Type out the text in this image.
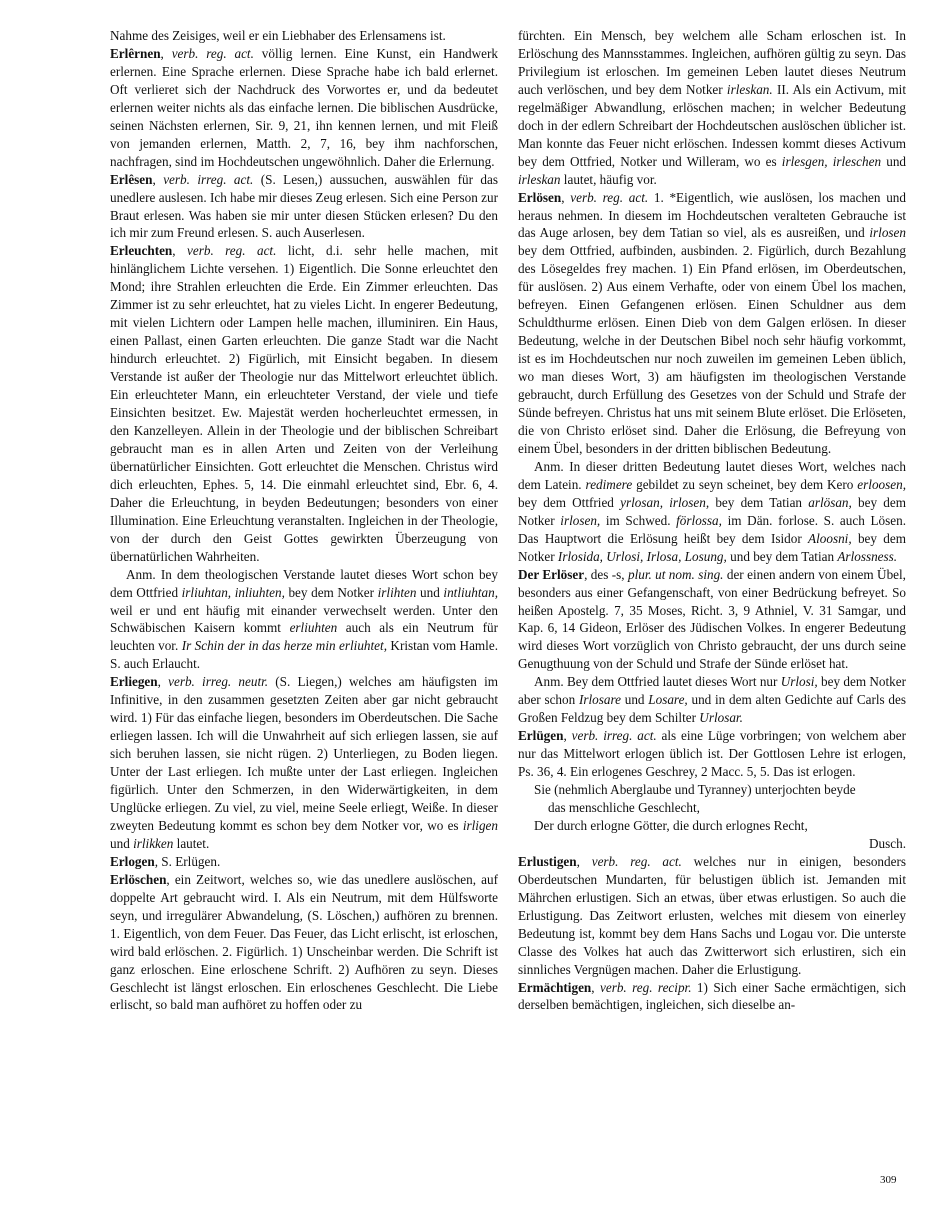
Nahme des Zeisiges, weil er ein Liebhaber des Erlensamens ist.

Erlêrnen, verb. reg. act. völlig lernen. Eine Kunst, ein Handwerk erlernen. Eine Sprache erlernen. Diese Sprache habe ich bald erlernet. Oft verlieret sich der Nachdruck des Vorwortes er, und da bedeutet erlernen weiter nichts als das einfache lernen. Die biblischen Ausdrücke, seinen Nächsten erlernen, Sir. 9, 21, ihn kennen lernen, und mit Fleiß von jemanden erlernen, Matth. 2, 7, 16, bey ihm nachforschen, nachfragen, sind im Hochdeutschen ungewöhnlich. Daher die Erlernung.

Erlêsen, verb. irreg. act. (S. Lesen,) aussuchen, auswählen für das unedlere auslesen. Ich habe mir dieses Zeug erlesen. Sich eine Person zur Braut erlesen. Was haben sie mir unter diesen Stücken erlesen? Du den ich mir zum Freund erlesen. S. auch Auserlesen.

Erleuchten, verb. reg. act. licht, d.i. sehr helle machen, mit hinlänglichem Lichte versehen. 1) Eigentlich. Die Sonne erleuchtet den Mond; ihre Strahlen erleuchten die Erde. Ein Zimmer erleuchten. Das Zimmer ist zu sehr erleuchtet, hat zu vieles Licht. In engerer Bedeutung, mit vielen Lichtern oder Lampen helle machen, illuminiren. Ein Haus, einen Pallast, einen Garten erleuchten. Die ganze Stadt war die Nacht hindurch erleuchtet. 2) Figürlich, mit Einsicht begaben. In diesem Verstande ist außer der Theologie nur das Mittelwort erleuchtet üblich. Ein erleuchteter Mann, ein erleuchteter Verstand, der viele und tiefe Einsichten besitzet. Ew. Majestät werden hocherleuchtet ermessen, in den Kanzelleyen. Allein in der Theologie und der biblischen Schreibart gebraucht man es in allen Arten und Zeiten von der Verleihung übernatürlicher Einsichten. Gott erleuchtet die Menschen. Christus wird dich erleuchten, Ephes. 5, 14. Die einmahl erleuchtet sind, Ebr. 6, 4. Daher die Erleuchtung, in beyden Bedeutungen; besonders von einer Illumination. Eine Erleuchtung veranstalten. Ingleichen in der Theologie, von der durch den Geist Gottes gewirkten Überzeugung von übernatürlichen Wahrheiten.

Anm. In dem theologischen Verstande lautet dieses Wort schon bey dem Ottfried irliuhtan, inliuhten, bey dem Notker irlihten und intliuhtan, weil er und ent häufig mit einander verwechselt werden. Unter den Schwäbischen Kaisern kommt erliuhten auch als ein Neutrum für leuchten vor. Ir Schin der in das herze min erliuhtet, Kristan vom Hamle. S. auch Erlaucht.

Erliegen, verb. irreg. neutr. (S. Liegen,) welches am häufigsten im Infinitive, in den zusammen gesetzten Zeiten aber gar nicht gebraucht wird. 1) Für das einfache liegen, besonders im Oberdeutschen. Die Sache erliegen lassen. Ich will die Unwahrheit auf sich erliegen lassen, sie auf sich beruhen lassen, sie nicht rügen. 2) Unterliegen, zu Boden liegen. Unter der Last erliegen. Ich mußte unter der Last erliegen. Ingleichen figürlich. Unter den Schmerzen, in den Widerwärtigkeiten, in dem Unglücke erliegen. Zu viel, zu viel, meine Seele erliegt, Weiße. In dieser zweyten Bedeutung kommt es schon bey dem Notker vor, wo es irligen und irlikken lautet.

Erlogen, S. Erlügen.

Erlöschen, ein Zeitwort, welches so, wie das unedlere auslöschen, auf doppelte Art gebraucht wird. I. Als ein Neutrum, mit dem Hülfsworte seyn, und irregulärer Abwandelung, (S. Löschen,) aufhören zu brennen. 1. Eigentlich, von dem Feuer. Das Feuer, das Licht erlischt, ist erloschen, wird bald erlöschen. 2. Figürlich. 1) Unscheinbar werden. Die Schrift ist ganz erloschen. Eine erloschene Schrift. 2) Aufhören zu seyn. Dieses Geschlecht ist längst erloschen. Ein erloschenes Geschlecht. Die Liebe erlischt, so bald man aufhöret zu hoffen oder zu

fürchten. Ein Mensch, bey welchem alle Scham erloschen ist. In Erlöschung des Mannsstammes. Ingleichen, aufhören gültig zu seyn. Das Privilegium ist erloschen. Im gemeinen Leben lautet dieses Neutrum auch verlöschen, und bey dem Notker irleskan. II. Als ein Activum, mit regelmäßiger Abwandlung, erlöschen machen; in welcher Bedeutung doch in der edlern Schreibart der Hochdeutschen auslöschen üblicher ist. Man konnte das Feuer nicht erlöschen. Indessen kommt dieses Activum bey dem Ottfried, Notker und Willeram, wo es irlesgen, irleschen und irleskan lautet, häufig vor.

Erlösen, verb. reg. act. 1. *Eigentlich, wie auslösen, los machen und heraus nehmen. In diesem im Hochdeutschen veralteten Gebrauche ist das Auge arlosen, bey dem Tatian so viel, als es ausreißen, und irlosen bey dem Ottfried, aufbinden, ausbinden. 2. Figürlich, durch Bezahlung des Lösegeldes frey machen. 1) Ein Pfand erlösen, im Oberdeutschen, für auslösen. 2) Aus einem Verhafte, oder von einem Übel los machen, befreyen. Einen Gefangenen erlösen. Einen Schuldner aus dem Schuldthurme erlösen. Einen Dieb von dem Galgen erlösen. In dieser Bedeutung, welche in der Deutschen Bibel noch sehr häufig vorkommt, ist es im Hochdeutschen nur noch zuweilen im gemeinen Leben üblich, wo man dieses Wort, 3) am häufigsten im theologischen Verstande gebraucht, durch Erfüllung des Gesetzes von der Schuld und Strafe der Sünde befreyen. Christus hat uns mit seinem Blute erlöset. Die Erlöseten, die von Christo erlöset sind. Daher die Erlösung, die Befreyung von einem Übel, besonders in der dritten biblischen Bedeutung.

Anm. In dieser dritten Bedeutung lautet dieses Wort, welches nach dem Latein. redimere gebildet zu seyn scheinet, bey dem Kero erloosen, bey dem Ottfried yrlosan, irlosen, bey dem Tatian arlösan, bey dem Notker irlosen, im Schwed. förlossa, im Dän. forlose. S. auch Lösen. Das Hauptwort die Erlösung heißt bey dem Isidor Aloosni, bey dem Notker Irlosida, Urlosi, Irlosa, Losung, und bey dem Tatian Arlossness.

Der Erlöser, des -s, plur. ut nom. sing. der einen andern von einem Übel, besonders aus einer Gefangenschaft, von einer Bedrückung befreyet. So heißen Apostelg. 7, 35 Moses, Richt. 3, 9 Athniel, V. 31 Samgar, und Kap. 6, 14 Gideon, Erlöser des Jüdischen Volkes. In engerer Bedeutung wird dieses Wort vorzüglich von Christo gebraucht, der uns durch seine Genugthuung von der Schuld und Strafe der Sünde erlöset hat.

Anm. Bey dem Ottfried lautet dieses Wort nur Urlosi, bey dem Notker aber schon Irlosare und Losare, und in dem alten Gedichte auf Carls des Großen Feldzug bey dem Schilter Urlosar.

Erlügen, verb. irreg. act. als eine Lüge vorbringen; von welchem aber nur das Mittelwort erlogen üblich ist. Der Gottlosen Lehre ist erlogen, Ps. 36, 4. Ein erlogenes Geschrey, 2 Macc. 5, 5. Das ist erlogen.

Sie (nehmlich Aberglaube und Tyranney) unterjochten beyde

das menschliche Geschlecht,

Der durch erlogne Götter, die durch erlognes Recht,

Dusch.

Erlustigen, verb. reg. act. welches nur in einigen, besonders Oberdeutschen Mundarten, für belustigen üblich ist. Jemanden mit Mährchen erlustigen. Sich an etwas, über etwas erlustigen. So auch die Erlustigung. Das Zeitwort erlusten, welches mit diesem von einerley Bedeutung ist, kommt bey dem Hans Sachs und Logau vor. Die unterste Classe des Volkes hat auch das Zwitterwort sich erlustiren, sich ein sinnliches Vergnügen machen. Daher die Erlustigung.

Ermächtigen, verb. reg. recipr. 1) Sich einer Sache ermächtigen, sich derselben bemächtigen, ingleichen, sich dieselbe an-

309
